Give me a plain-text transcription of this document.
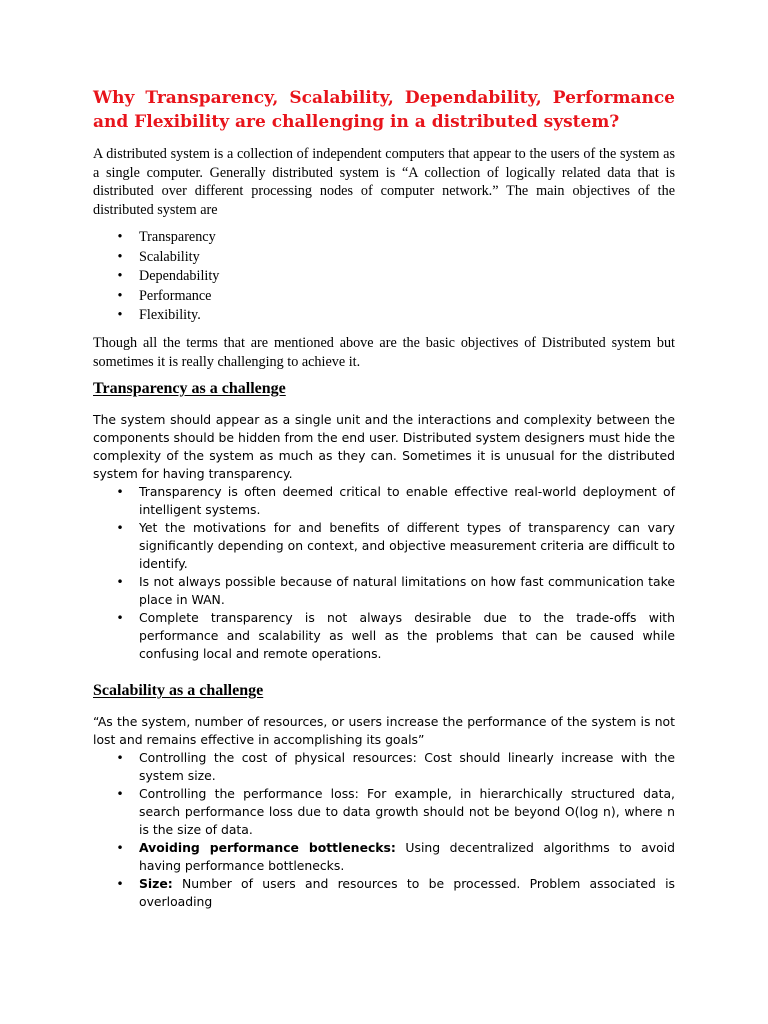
Why Transparency, Scalability, Dependability, Performance and Flexibility are challenging in a distributed system?

A distributed system is a collection of independent computers that appear to the users of the system as a single computer. Generally distributed system is “A collection of logically related data that is distributed over different processing nodes of computer network.” The main objectives of the distributed system are

• Transparency
• Scalability
• Dependability
• Performance
• Flexibility.

Though all the terms that are mentioned above are the basic objectives of Distributed system but sometimes it is really challenging to achieve it.

Transparency as a challenge

The system should appear as a single unit and the interactions and complexity between the components should be hidden from the end user. Distributed system designers must hide the complexity of the system as much as they can. Sometimes it is unusual for the distributed system for having transparency.

• Transparency is often deemed critical to enable effective real-world deployment of intelligent systems.
• Yet the motivations for and benefits of different types of transparency can vary significantly depending on context, and objective measurement criteria are difficult to identify.
• Is not always possible because of natural limitations on how fast communication take place in WAN.
• Complete transparency is not always desirable due to the trade-offs with performance and scalability as well as the problems that can be caused while confusing local and remote operations.
Scalability as a challenge

“As the system, number of resources, or users increase the performance of the system is not lost and remains effective in accomplishing its goals”

• Controlling the cost of physical resources: Cost should linearly increase with the system size.
• Controlling the performance loss: For example, in hierarchically structured data, search performance loss due to data growth should not be beyond O(log n), where n is the size of data.
• Avoiding performance bottlenecks: Using decentralized algorithms to avoid having performance bottlenecks.
• Size: Number of users and resources to be processed. Problem associated is overloading
